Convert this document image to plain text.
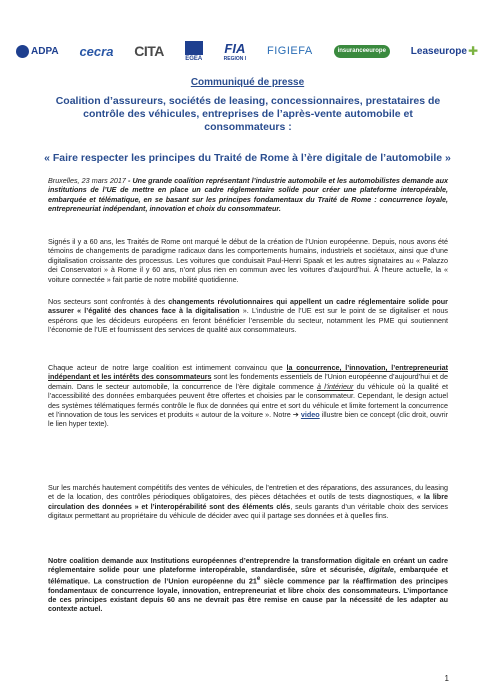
ADPA cecra CITA	EGEA
FIA
REGION I
FIGIEFA	insurance europe Leaseurope ✚
Communiqué de presse
Coalition d’assureurs, sociétés de leasing, concessionnaires, prestataires de contrôle des véhicules, entreprises de l’après-vente automobile et consommateurs :
« Faire respecter les principes du Traité de Rome à l’ère digitale de l’automobile »
Bruxelles, 23 mars 2017 - Une grande coalition représentant l’industrie automobile et les automobilistes demande aux institutions de l’UE de mettre en place un cadre réglementaire solide pour créer une plateforme interopérable, embarquée et télématique, en se basant sur les principes fondamentaux du Traité de Rome : concurrence loyale, entrepreneuriat indépendant, innovation et choix du consommateur.
Signés il y a 60 ans, les Traités de Rome ont marqué le début de la création de l’Union européenne. Depuis, nous avons été témoins de changements de paradigme radicaux dans les comportements humains, industriels et sociétaux, ainsi que d’une digitalisation croissante des processus. Les voitures que conduisait Paul-Henri Spaak et les autres signataires au « Palazzo dei Conservatori » à Rome il y 60 ans, n’ont plus rien en commun avec les voitures d’aujourd’hui. À l’heure actuelle, la « voiture connectée » fait partie de notre mobilité quotidienne.
Nos secteurs sont confrontés à des changements révolutionnaires qui appellent un cadre réglementaire solide pour assurer « l’égalité des chances face à la digitalisation ». L’industrie de l’UE est sur le point de se digitaliser et nous espérons que les décideurs européens en feront bénéficier l’ensemble du secteur, notamment les PME qui soutiennent l’économie de l’UE et fournissent des services de qualité aux consommateurs.
Chaque acteur de notre large coalition est intimement convaincu que la concurrence, l’innovation, l’entrepreneuriat indépendant et les intérêts des consommateurs sont les fondements essentiels de l’Union européenne d’aujourd’hui et de demain. Dans le secteur automobile, la concurrence de l’ère digitale commence à l’intérieur du véhicule où la qualité et l’accessibilité des données embarquées peuvent être offertes et choisies par le consommateur. Cependant, le design actuel des systèmes télématiques fermés contrôle le flux de données qui entre et sort du véhicule et limite fortement la concurrence et l’innovation de tous les services et produits « autour de la voiture ». Notre ➔ video illustre bien ce concept (clic droit, ouvrir le lien hyper texte).
Sur les marchés hautement compétitifs des ventes de véhicules, de l’entretien et des réparations, des assurances, du leasing et de la location, des contrôles périodiques obligatoires, des pièces détachées et outils de tests diagnostiques, « la libre circulation des données » et l’interopérabilité sont des éléments clés, seuls garants d’un véritable choix des services digitaux permettant au propriétaire du véhicule de décider avec qui il partage ses données et à quelles fins.
Notre coalition demande aux Institutions européennes d’entreprendre la transformation digitale en créant un cadre réglementaire solide pour une plateforme interopérable, standardisée, sûre et sécurisée, digitale, embarquée et télématique. La construction de l’Union européenne du 21e siècle commence par la réaffirmation des principes fondamentaux de concurrence loyale, innovation, entrepreneuriat et libre choix des consommateurs. L’importance de ces principes existant depuis 60 ans ne devrait pas être remise en cause par la nécessité de les adapter au contexte actuel.
1
